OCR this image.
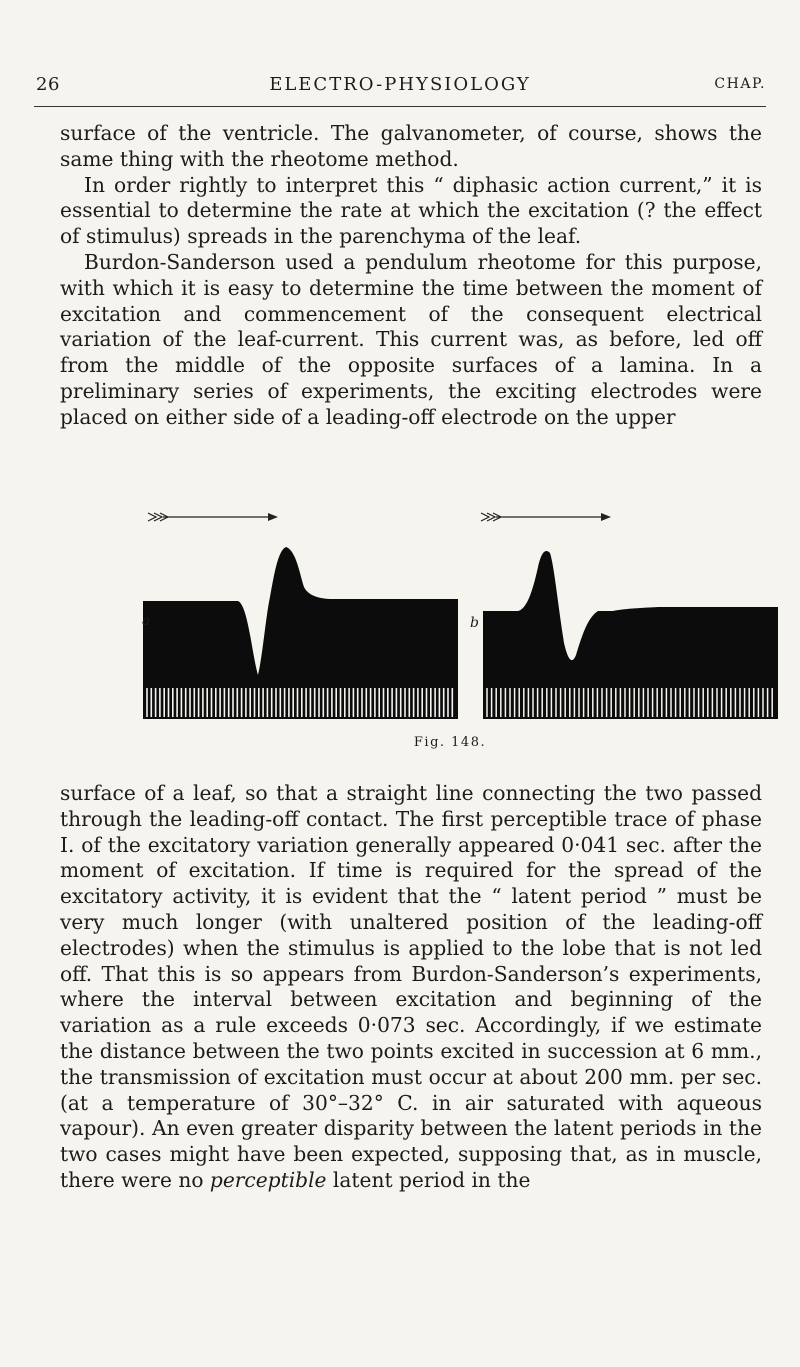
26	ELECTRO-PHYSIOLOGY	CHAP.

surface of the ventricle. The galvanometer, of course, shows the same thing with the rheotome method.

In order rightly to interpret this “ diphasic action current,” it is essential to determine the rate at which the excitation (? the effect of stimulus) spreads in the parenchyma of the leaf.

Burdon-Sanderson used a pendulum rheotome for this purpose, with which it is easy to determine the time between the moment of excitation and commencement of the consequent electrical variation of the leaf-current. This current was, as before, led off from the middle of the opposite surfaces of a lamina. In a preliminary series of experiments, the exciting electrodes were placed on either side of a leading-off electrode on the upper

a	b
Fig. 148.

surface of a leaf, so that a straight line connecting the two passed through the leading-off contact. The first perceptible trace of phase I. of the excitatory variation generally appeared 0·041 sec. after the moment of excitation. If time is required for the spread of the excitatory activity, it is evident that the “ latent period ” must be very much longer (with unaltered position of the leading-off electrodes) when the stimulus is applied to the lobe that is not led off. That this is so appears from Burdon-Sanderson’s experiments, where the interval between excitation and beginning of the variation as a rule exceeds 0·073 sec. Accordingly, if we estimate the distance between the two points excited in succession at 6 mm., the transmission of excitation must occur at about 200 mm. per sec. (at a temperature of 30°–32° C. in air saturated with aqueous vapour). An even greater disparity between the latent periods in the two cases might have been expected, supposing that, as in muscle, there were no perceptible latent period in the
